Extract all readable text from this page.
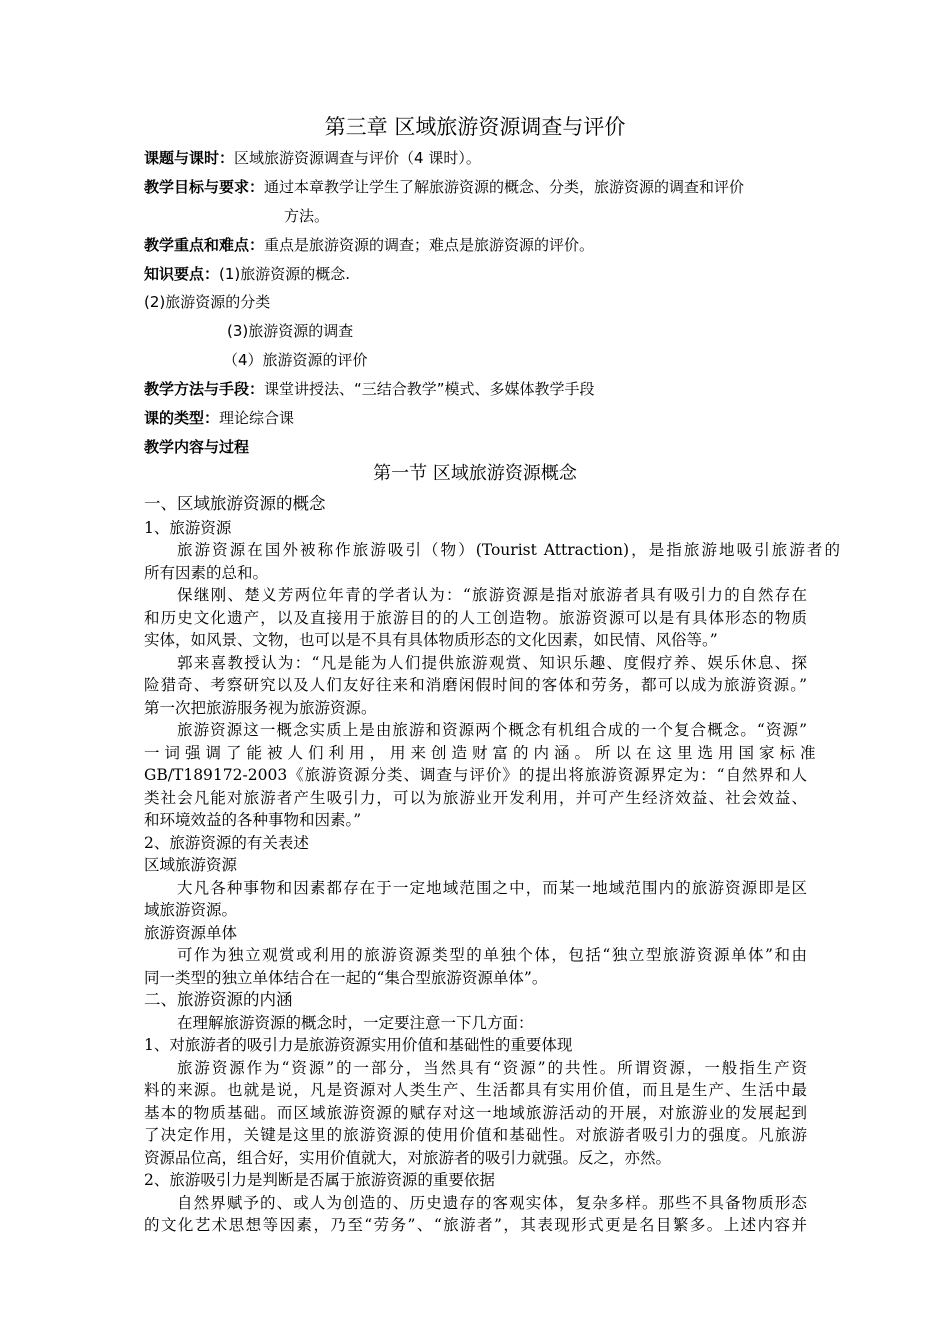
第三章 区域旅游资源调查与评价
课题与课时：区域旅游资源调查与评价（4 课时）。
教学目标与要求：通过本章教学让学生了解旅游资源的概念、分类，旅游资源的调查和评价
方法。
教学重点和难点：重点是旅游资源的调查；难点是旅游资源的评价。
知识要点：(1)旅游资源的概念.
(2)旅游资源的分类
(3)旅游资源的调查
（4）旅游资源的评价
教学方法与手段：课堂讲授法、“三结合教学”模式、多媒体教学手段
课的类型：理论综合课
教学内容与过程
第一节 区域旅游资源概念
一、区域旅游资源的概念
1、旅游资源
旅游资源在国外被称作旅游吸引（物）(Tourist Attraction)，是指旅游地吸引旅游者的
所有因素的总和。
保继刚、楚义芳两位年青的学者认为：“旅游资源是指对旅游者具有吸引力的自然存在
和历史文化遗产，以及直接用于旅游目的的人工创造物。旅游资源可以是有具体形态的物质
实体，如风景、文物，也可以是不具有具体物质形态的文化因素，如民情、风俗等。”
郭来喜教授认为：“凡是能为人们提供旅游观赏、知识乐趣、度假疗养、娱乐休息、探
险猎奇、考察研究以及人们友好往来和消磨闲假时间的客体和劳务，都可以成为旅游资源。”
第一次把旅游服务视为旅游资源。
旅游资源这一概念实质上是由旅游和资源两个概念有机组合成的一个复合概念。“资源”
一词强调了能被人们利用，用来创造财富的内涵。所以在这里选用国家标准
GB/T189172-2003《旅游资源分类、调查与评价》的提出将旅游资源界定为：“自然界和人
类社会凡能对旅游者产生吸引力，可以为旅游业开发利用，并可产生经济效益、社会效益、
和环境效益的各种事物和因素。”
2、旅游资源的有关表述
区域旅游资源
大凡各种事物和因素都存在于一定地域范围之中，而某一地域范围内的旅游资源即是区
域旅游资源。
旅游资源单体
可作为独立观赏或利用的旅游资源类型的单独个体，包括“独立型旅游资源单体”和由
同一类型的独立单体结合在一起的“集合型旅游资源单体”。
二、旅游资源的内涵
在理解旅游资源的概念时，一定要注意一下几方面：
1、对旅游者的吸引力是旅游资源实用价值和基础性的重要体现
旅游资源作为“资源”的一部分，当然具有“资源”的共性。所谓资源，一般指生产资
料的来源。也就是说，凡是资源对人类生产、生活都具有实用价值，而且是生产、生活中最
基本的物质基础。而区域旅游资源的赋存对这一地域旅游活动的开展，对旅游业的发展起到
了决定作用，关键是这里的旅游资源的使用价值和基础性。对旅游者吸引力的强度。凡旅游
资源品位高，组合好，实用价值就大，对旅游者的吸引力就强。反之，亦然。
2、旅游吸引力是判断是否属于旅游资源的重要依据
自然界赋予的、或人为创造的、历史遗存的客观实体，复杂多样。那些不具备物质形态
的文化艺术思想等因素，乃至“劳务”、“旅游者”，其表现形式更是名目繁多。上述内容并
